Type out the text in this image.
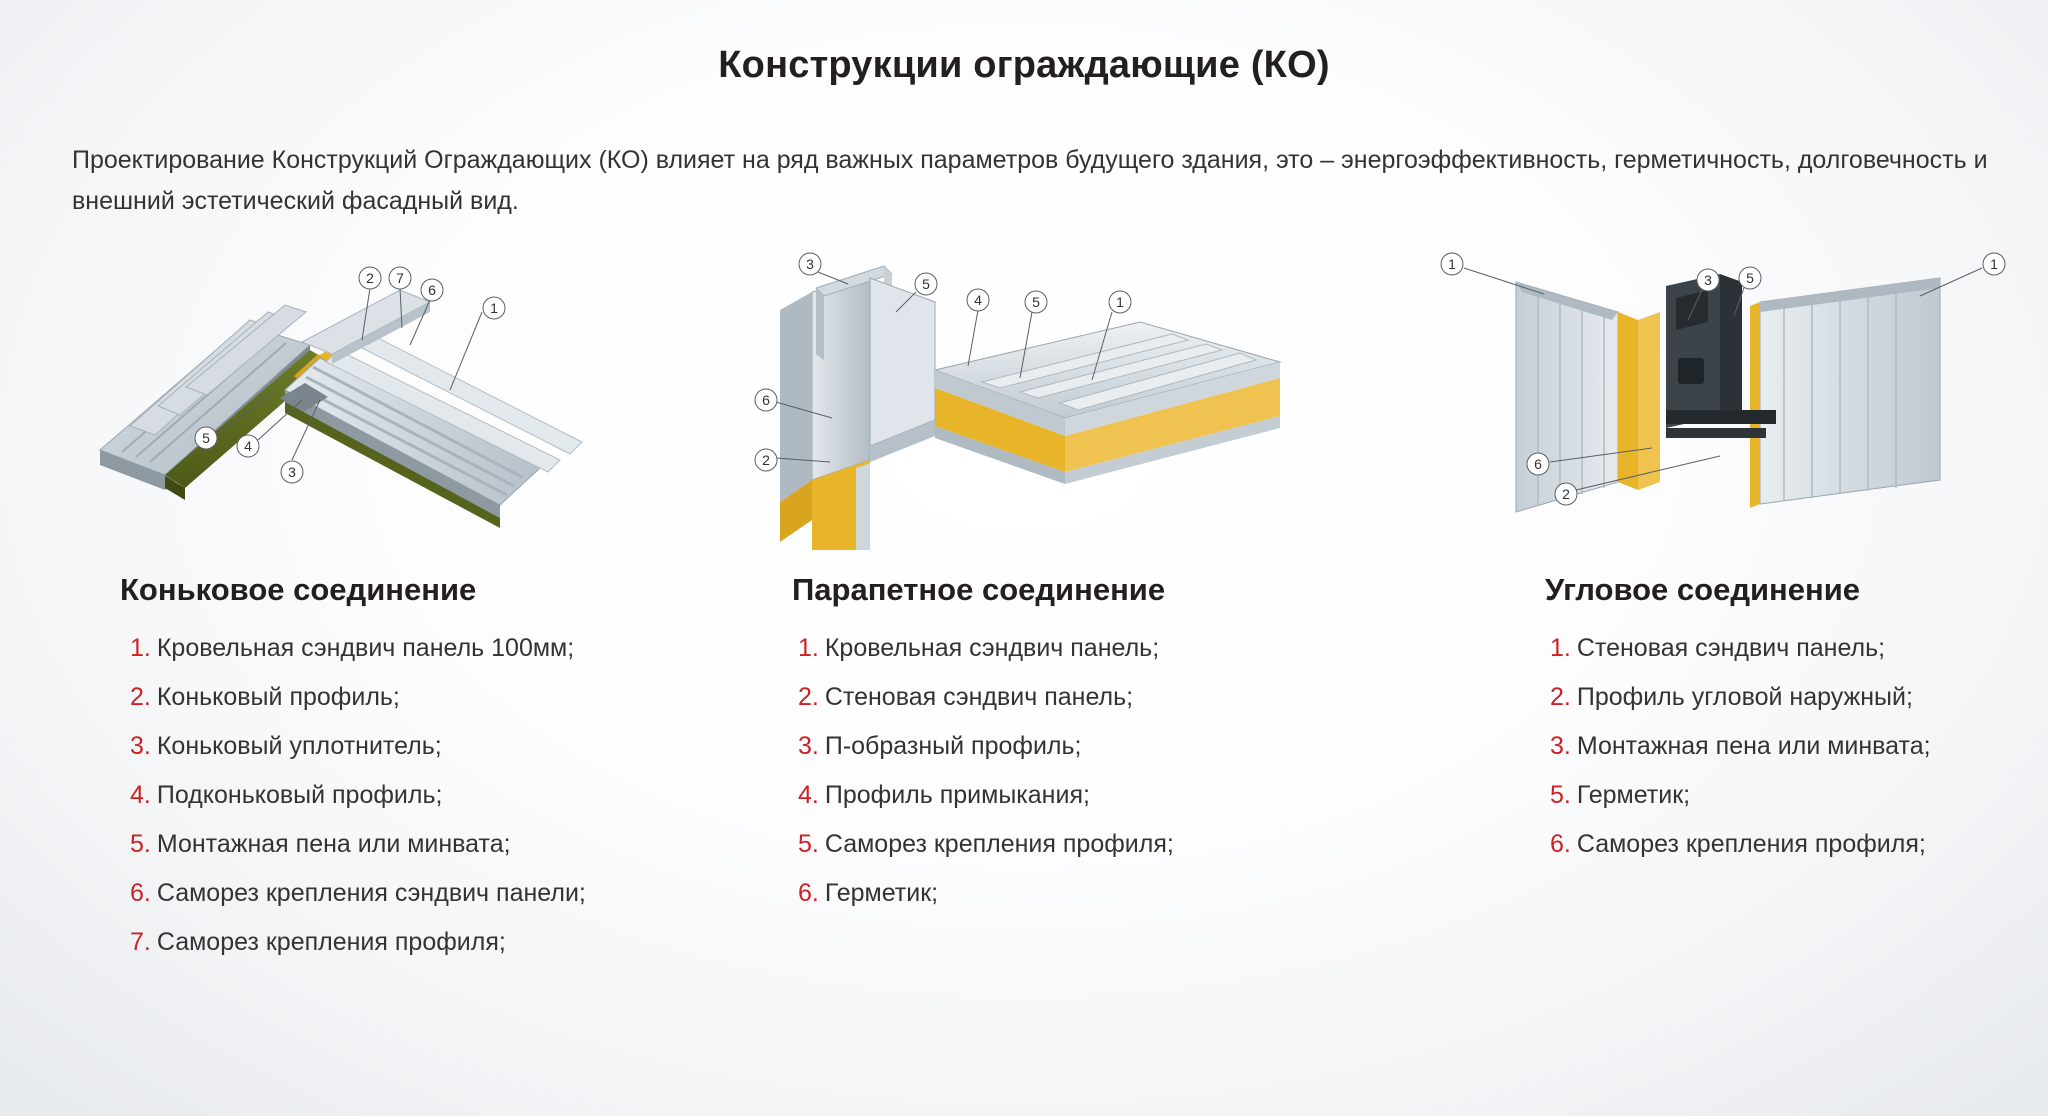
Конструкции ограждающие (КО)
Проектирование Конструкций Ограждающих (КО) влияет на ряд важных параметров будущего здания, это – энергоэффективность, герметичность, долговечность и внешний эстетический фасадный вид.
2 7
6
1
5 4
3
Коньковое соединение
1. Кровельная сэндвич панель 100мм;
2. Коньковый профиль;
3. Коньковый уплотнитель;
4. Подконьковый профиль;
5. Монтажная пена или минвата;
6. Саморез крепления сэндвич панели;
7. Саморез крепления профиля;
3
5
4	5	1
6
2
Парапетное соединение
1. Кровельная сэндвич панель;
2. Стеновая сэндвич панель;
3. П-образный профиль;
4. Профиль примыкания;
5. Саморез крепления профиля;
6. Герметик;
1
3 5
1
6
2
Угловое соединение
1. Стеновая сэндвич панель;
2. Профиль угловой наружный;
3. Монтажная пена или минвата;
5. Герметик;
6. Саморез крепления профиля;
